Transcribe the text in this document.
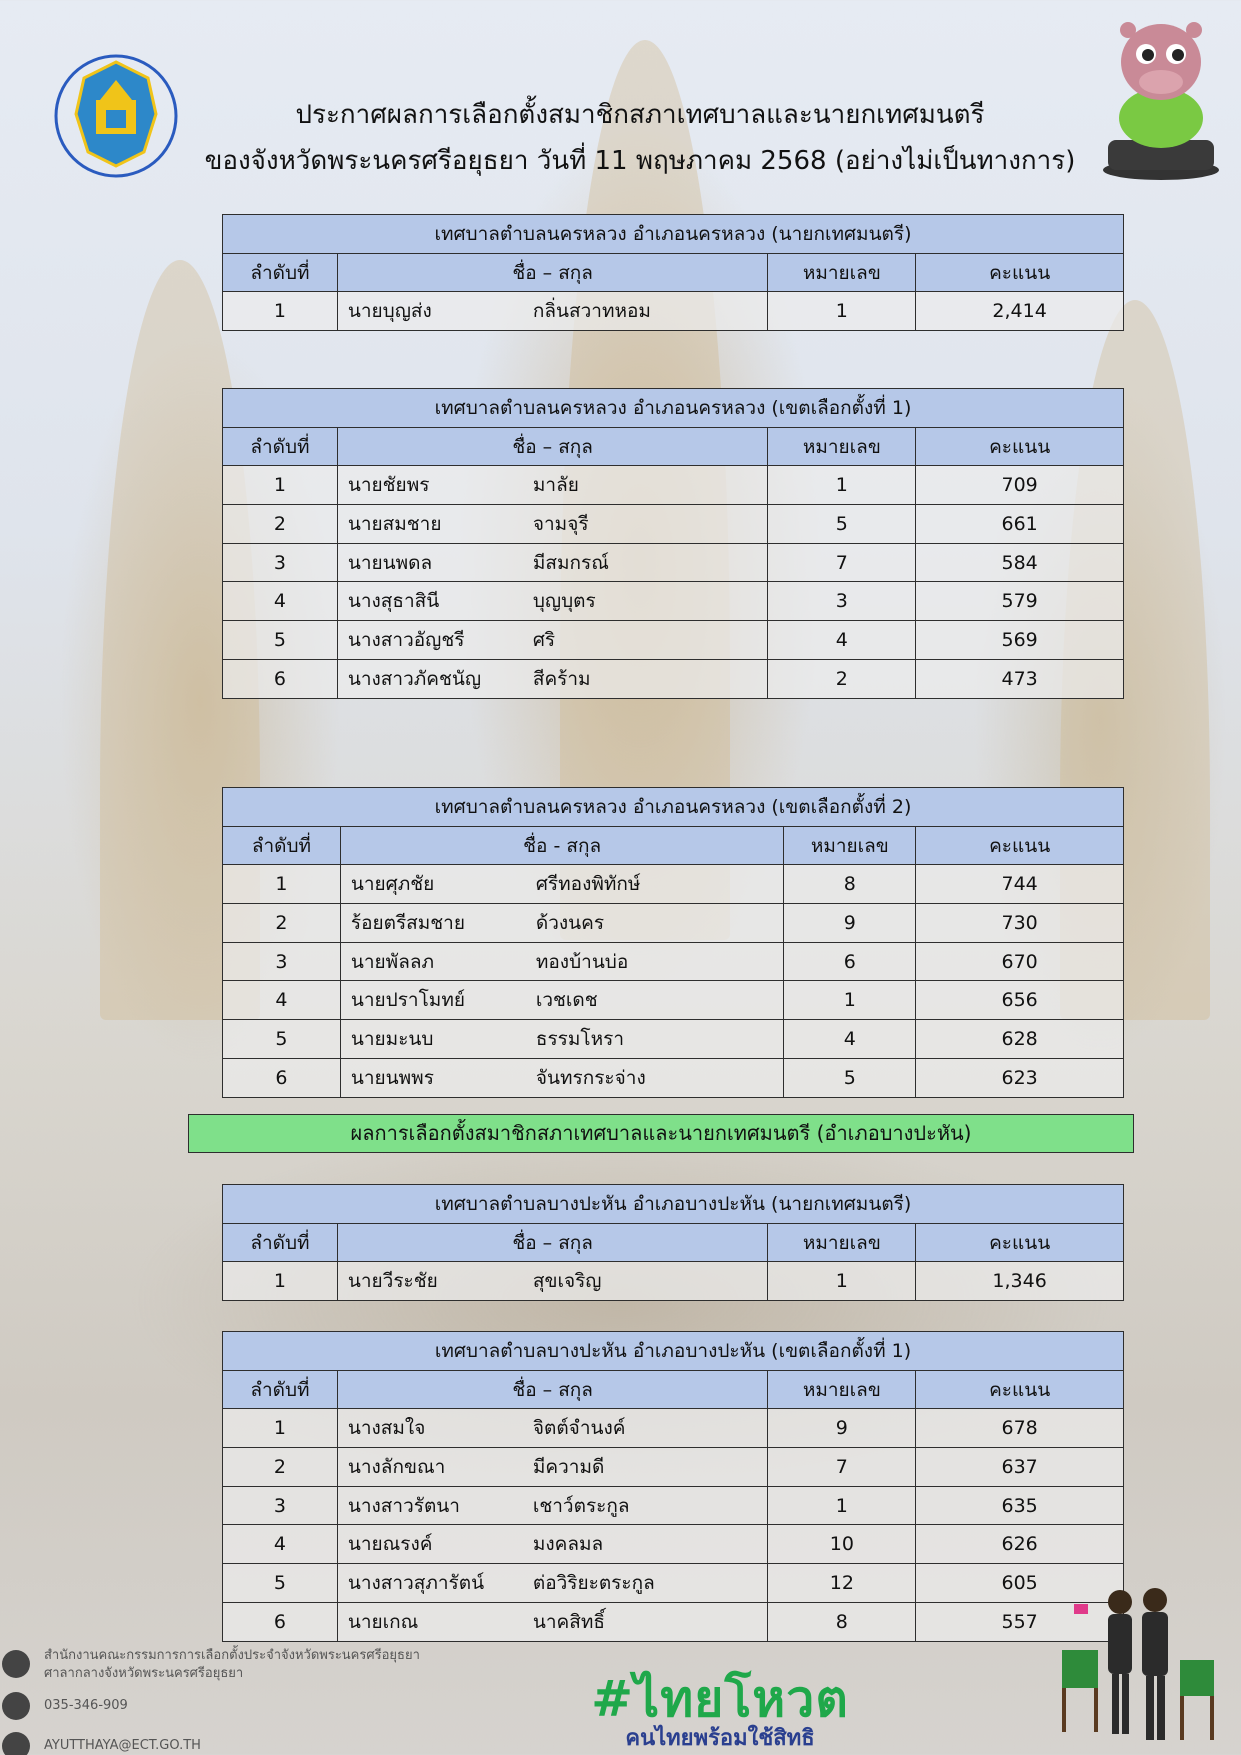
ประกาศผลการเลือกตั้งสมาชิกสภาเทศบาลและนายกเทศมนตรี
ของจังหวัดพระนครศรีอยุธยา วันที่ 11 พฤษภาคม 2568 (อย่างไม่เป็นทางการ)
เทศบาลตำบลนครหลวง อำเภอนครหลวง (นายกเทศมนตรี)			
ลำดับที่	ชื่อ – สกุล	หมายเลข	คะแนน
1	นายบุญส่ง กลิ่นสวาทหอม	1	2,414
เทศบาลตำบลนครหลวง อำเภอนครหลวง (เขตเลือกตั้งที่ 1)			
ลำดับที่	ชื่อ – สกุล	หมายเลข	คะแนน
1	นายชัยพร มาลัย	1	709
2	นายสมชาย จามจุรี	5	661
3	นายนพดล มีสมกรณ์	7	584
4	นางสุธาสินี บุญบุตร	3	579
5	นางสาวอัญชรี ศริ	4	569
6	นางสาวภัคชนัญ สีคร้าม	2	473
เทศบาลตำบลนครหลวง อำเภอนครหลวง (เขตเลือกตั้งที่ 2)			
ลำดับที่	ชื่อ - สกุล	หมายเลข	คะแนน
1	นายศุภชัย ศรีทองพิทักษ์	8	744
2	ร้อยตรีสมชาย ด้วงนคร	9	730
3	นายพัลลภ ทองบ้านบ่อ	6	670
4	นายปราโมทย์ เวชเดช	1	656
5	นายมะนบ ธรรมโหรา	4	628
6	นายนพพร จันทรกระจ่าง	5	623
ผลการเลือกตั้งสมาชิกสภาเทศบาลและนายกเทศมนตรี (อำเภอบางปะหัน)
เทศบาลตำบลบางปะหัน อำเภอบางปะหัน (นายกเทศมนตรี)			
ลำดับที่	ชื่อ – สกุล	หมายเลข	คะแนน
1	นายวีระชัย สุขเจริญ	1	1,346
เทศบาลตำบลบางปะหัน อำเภอบางปะหัน (เขตเลือกตั้งที่ 1)			
ลำดับที่	ชื่อ – สกุล	หมายเลข	คะแนน
1	นางสมใจ จิตต์จำนงค์	9	678
2	นางลักขณา มีความดี	7	637
3	นางสาวรัตนา เชาว์ตระกูล	1	635
4	นายณรงค์ มงคลมล	10	626
5	นางสาวสุภารัตน์ ต่อวิริยะตระกูล	12	605
6	นายเกณ นาคสิทธิ์	8	557
สำนักงานคณะกรรมการการเลือกตั้งประจำจังหวัดพระนครศรีอยุธยา
ศาลากลางจังหวัดพระนครศรีอยุธยา
035-346-909
AYUTTHAYA@ECT.GO.TH
#ไทยโหวต
คนไทยพร้อมใช้สิทธิ
